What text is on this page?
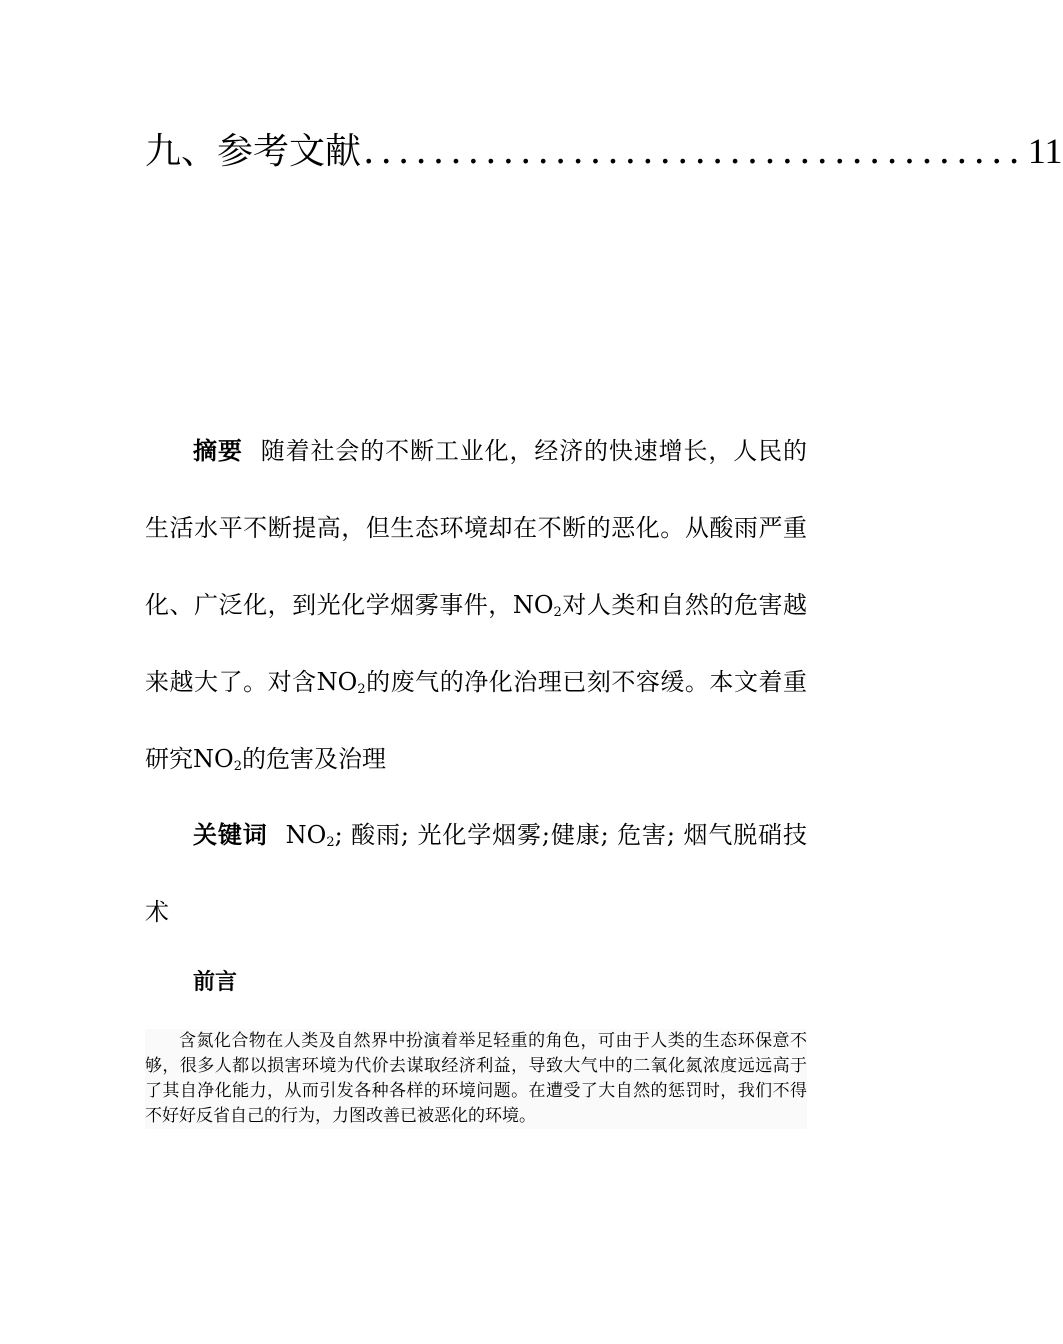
九、参考文献 ...................................... 11
摘要 随着社会的不断工业化，经济的快速增长，人民的生活水平不断提高，但生态环境却在不断的恶化。从酸雨严重化、广泛化，到光化学烟雾事件，$NO_2$对人类和自然的危害越来越大了。对含$NO_2$的废气的净化治理已刻不容缓。本文着重研究$NO_2$的危害及治理
关键词 $NO_2$; 酸雨; 光化学烟雾;健康; 危害; 烟气脱硝技术
前言
含氮化合物在人类及自然界中扮演着举足轻重的角色，可由于人类的生态环保意不够，很多人都以损害环境为代价去谋取经济利益，导致大气中的二氧化氮浓度远远高于了其自净化能力，从而引发各种各样的环境问题。在遭受了大自然的惩罚时，我们不得不好好反省自己的行为，力图改善已被恶化的环境。
